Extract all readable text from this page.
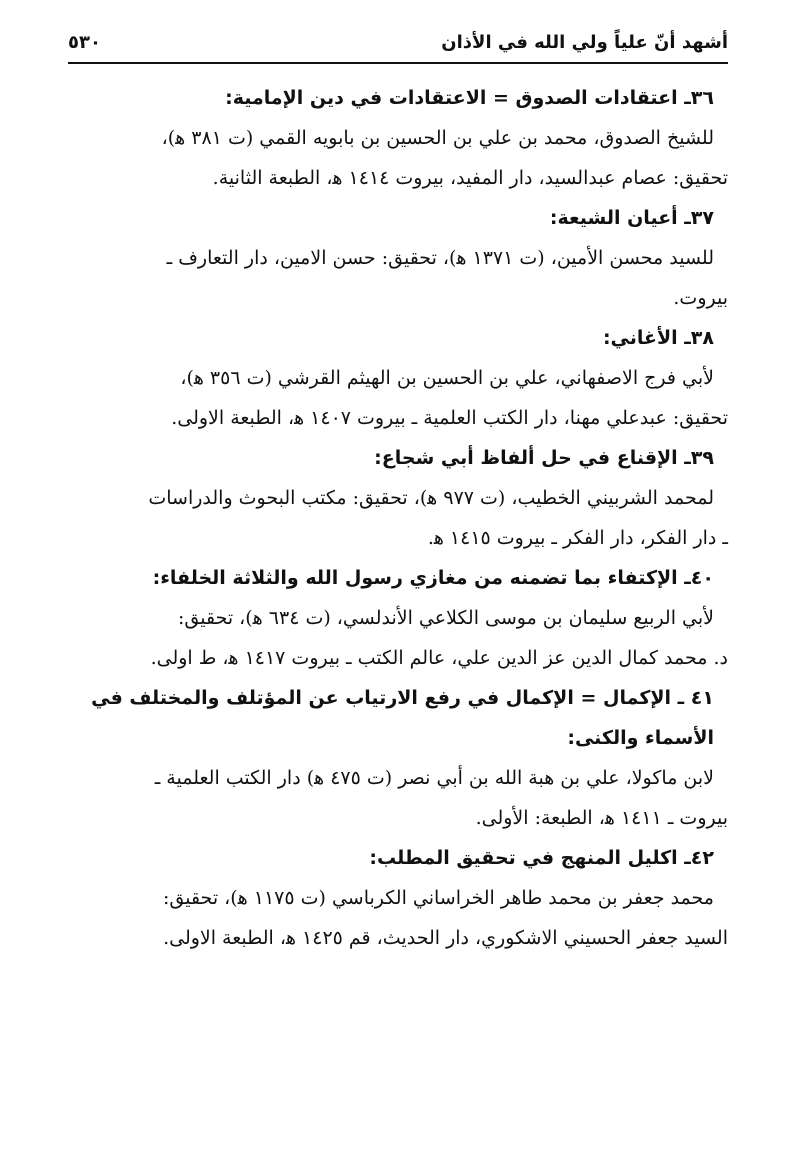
أشهد أنّ علياً ولي الله في الأذان
٥٣٠

٣٦ـ اعتقادات الصدوق = الاعتقادات في دين الإمامية:

للشيخ الصدوق، محمد بن علي بن الحسين بن بابويه القمي (ت ٣٨١ ﻫ)،
تحقيق: عصام عبدالسيد، دار المفيد، بيروت ١٤١٤ ﻫ، الطبعة الثانية.

٣٧ـ أعيان الشيعة:

للسيد محسن الأمين، (ت ١٣٧١ ﻫ)، تحقيق: حسن الامين، دار التعارف ـ
بيروت.

٣٨ـ الأغاني:

لأبي فرج الاصفهاني، علي بن الحسين بن الهيثم القرشي (ت ٣٥٦ ﻫ)،
تحقيق: عبدعلي مهنا، دار الكتب العلمية ـ بيروت ١٤٠٧ ﻫ، الطبعة الاولى.

٣٩ـ الإقناع في حل ألفاظ أبي شجاع:

لمحمد الشربيني الخطيب، (ت ٩٧٧ ﻫ)، تحقيق: مكتب البحوث والدراسات
ـ دار الفكر، دار الفكر ـ بيروت ١٤١٥ ﻫ.

٤٠ـ الإكتفاء بما تضمنه من مغازي رسول الله والثلاثة الخلفاء:

لأبي الربيع سليمان بن موسى الكلاعي الأندلسي، (ت ٦٣٤ ﻫ)، تحقيق:
د. محمد كمال الدين عز الدين علي، عالم الكتب ـ بيروت ١٤١٧ ﻫ، ط اولى.

٤١ ـ الإكمال = الإكمال في رفع الارتياب عن المؤتلف والمختلف في الأسماء والكنى:

لابن ماكولا، علي بن هبة الله بن أبي نصر (ت ٤٧٥ ﻫ) دار الكتب العلمية ـ
بيروت ـ ١٤١١ ﻫ، الطبعة: الأولى.

٤٢ـ اكليل المنهج في تحقيق المطلب:

محمد جعفر بن محمد طاهر الخراساني الكرباسي (ت ١١٧٥ ﻫ)، تحقيق:
السيد جعفر الحسيني الاشكوري، دار الحديث، قم ١٤٢٥ ﻫ، الطبعة الاولى.
